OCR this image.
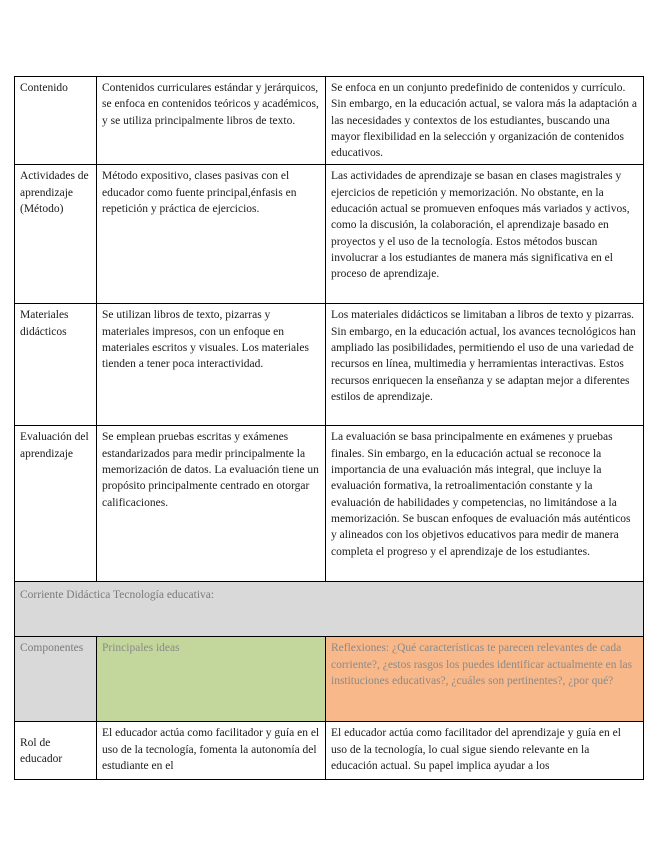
Contenido	Contenidos curriculares estándar y jerárquicos, se enfoca en contenidos teóricos y académicos, y se utiliza principalmente libros de texto.	Se enfoca en un conjunto predefinido de contenidos y currículo. Sin embargo, en la educación actual, se valora más la adaptación a las necesidades y contextos de los estudiantes, buscando una mayor flexibilidad en la selección y organización de contenidos educativos.
Actividades de aprendizaje (Método)	Método expositivo, clases pasivas con el educador como fuente principal,énfasis en repetición y práctica de ejercicios.	Las actividades de aprendizaje se basan en clases magistrales y ejercicios de repetición y memorización. No obstante, en la educación actual se promueven enfoques más variados y activos, como la discusión, la colaboración, el aprendizaje basado en proyectos y el uso de la tecnología. Estos métodos buscan involucrar a los estudiantes de manera más significativa en el proceso de aprendizaje.
Materiales didácticos	Se utilizan libros de texto, pizarras y materiales impresos, con un enfoque en materiales escritos y visuales. Los materiales tienden a tener poca interactividad.	Los materiales didácticos se limitaban a libros de texto y pizarras. Sin embargo, en la educación actual, los avances tecnológicos han ampliado las posibilidades, permitiendo el uso de una variedad de recursos en línea, multimedia y herramientas interactivas. Estos recursos enriquecen la enseñanza y se adaptan mejor a diferentes estilos de aprendizaje.
Evaluación del aprendizaje	Se emplean pruebas escritas y exámenes estandarizados para medir principalmente la memorización de datos. La evaluación tiene un propósito principalmente centrado en otorgar calificaciones.	La evaluación se basa principalmente en exámenes y pruebas finales. Sin embargo, en la educación actual se reconoce la importancia de una evaluación más integral, que incluye la evaluación formativa, la retroalimentación constante y la evaluación de habilidades y competencias, no limitándose a la memorización. Se buscan enfoques de evaluación más auténticos y alineados con los objetivos educativos para medir de manera completa el progreso y el aprendizaje de los estudiantes.
Corriente Didáctica Tecnología educativa:		
Componentes	Principales ideas	Reflexiones: ¿Qué características te parecen relevantes de cada corriente?, ¿estos rasgos los puedes identificar actualmente en las instituciones educativas?, ¿cuáles son pertinentes?, ¿por qué?
Rol de educador	El educador actúa como facilitador y guía en el uso de la tecnología, fomenta la autonomía del estudiante en el	El educador actúa como facilitador del aprendizaje y guía en el uso de la tecnología, lo cual sigue siendo relevante en la educación actual. Su papel implica ayudar a los
